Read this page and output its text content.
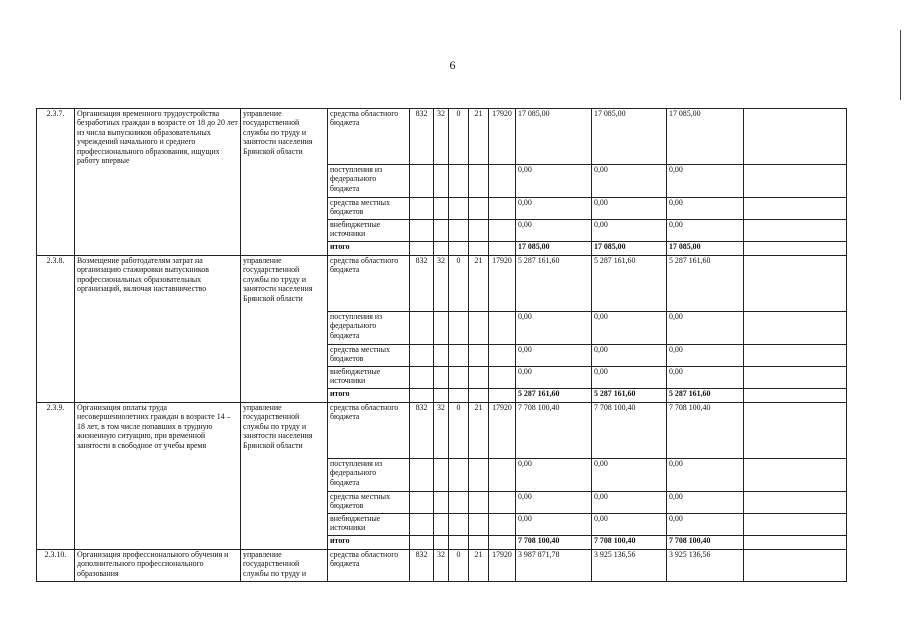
6
2.3.7.	Организация временного трудоустройства безработных граждан в возрасте от 18 до 20 лет из числа выпускников образовательных учреждений начального и среднего профессионального образования, ищущих работу впервые	управление государственной службы по труду и занятости населения Брянской области	средства областного бюджета	832	32	0	21	17920	17 085,00	17 085,00	17 085,00	
			поступления из федерального бюджета						0,00	0,00	0,00	
			средства местных бюджетов						0,00	0,00	0,00	
			внебюджетные источники						0,00	0,00	0,00	
			итого						17 085,00	17 085,00	17 085,00	
2.3.8.	Возмещение работодателям затрат на организацию стажировки выпускников профессиональных образовательных организаций, включая наставничество	управление государственной службы по труду и занятости населения Брянской области	средства областного бюджета	832	32	0	21	17920	5 287 161,60	5 287 161,60	5 287 161,60	
			поступления из федерального бюджета						0,00	0,00	0,00	
			средства местных бюджетов						0,00	0,00	0,00	
			внебюджетные источники						0,00	0,00	0,00	
			итого						5 287 161,60	5 287 161,60	5 287 161,60	
2.3.9.	Организация оплаты труда несовершеннолетних граждан в возрасте 14 – 18 лет, в том числе попавших в трудную жизненную ситуацию, при временной занятости в свободное от учебы время	управление государственной службы по труду и занятости населения Брянской области	средства областного бюджета	832	32	0	21	17920	7 708 100,40	7 708 100,40	7 708 100,40	
			поступления из федерального бюджета						0,00	0,00	0,00	
			средства местных бюджетов						0,00	0,00	0,00	
			внебюджетные источники						0,00	0,00	0,00	
			итого						7 708 100,40	7 708 100,40	7 708 100,40	
2.3.10.	Организация профессионального обучения и дополнительного профессионального образования	управление государственной службы по труду и	средства областного бюджета	832	32	0	21	17920	3 987 871,78	3 925 136,56	3 925 136,56	
